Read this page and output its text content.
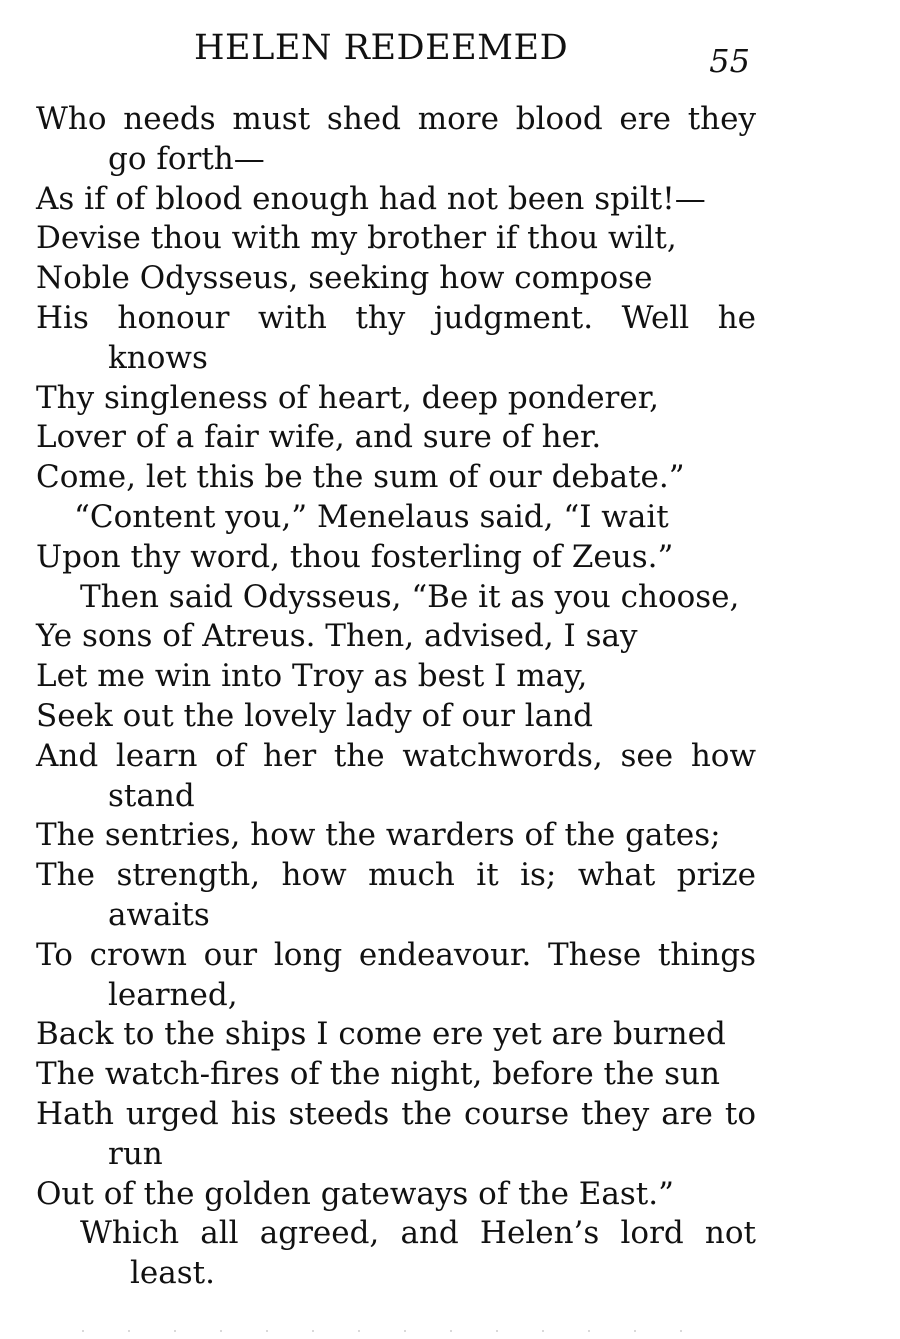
HELEN REDEEMED	55
Who needs must shed more blood ere they
go forth—
As if of blood enough had not been spilt!—
Devise thou with my brother if thou wilt,
Noble Odysseus, seeking how compose
His honour with thy judgment. Well he
knows
Thy singleness of heart, deep ponderer,
Lover of a fair wife, and sure of her.
Come, let this be the sum of our debate.”
“Content you,” Menelaus said, “I wait
Upon thy word, thou fosterling of Zeus.”
Then said Odysseus, “Be it as you choose,
Ye sons of Atreus. Then, advised, I say
Let me win into Troy as best I may,
Seek out the lovely lady of our land
And learn of her the watchwords, see how
stand
The sentries, how the warders of the gates;
The strength, how much it is; what prize
awaits
To crown our long endeavour. These things
learned,
Back to the ships I come ere yet are burned
The watch-fires of the night, before the sun
Hath urged his steeds the course they are to
run
Out of the golden gateways of the East.”
Which all agreed, and Helen’s lord not
least.
